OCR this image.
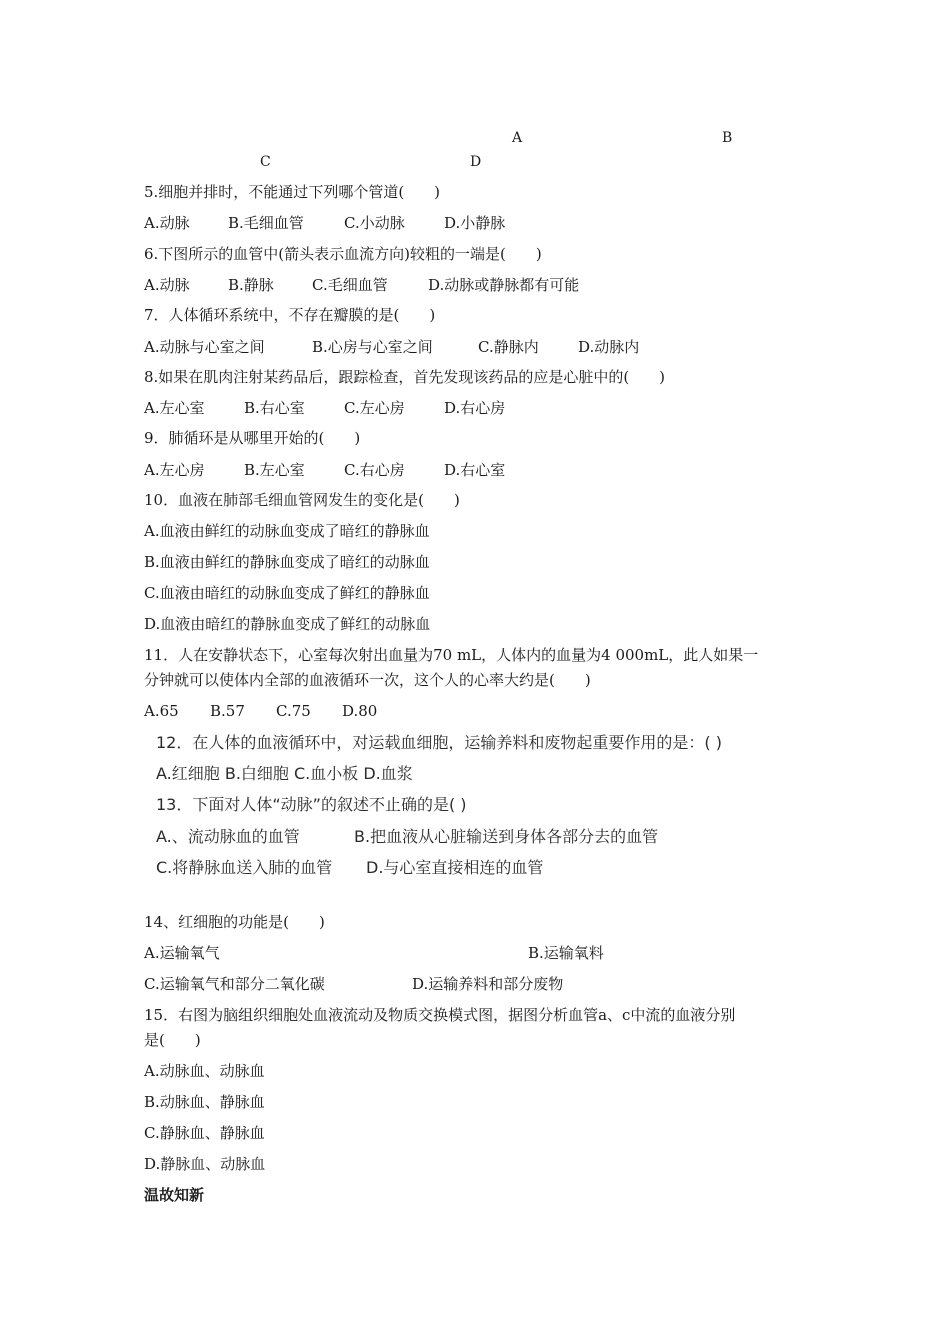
A	B
C	D
5.细胞并排时，不能通过下列哪个管道(　　)
A.动脉	B.毛细血管	C.小动脉	D.小静脉
6.下图所示的血管中(箭头表示血流方向)较粗的一端是(　　)
A.动脉	B.静脉	C.毛细血管	D.动脉或静脉都有可能
7．人体循环系统中，不存在瓣膜的是(　　)
A.动脉与心室之间	B.心房与心室之间	C.静脉内	D.动脉内
8.如果在肌肉注射某药品后，跟踪检查，首先发现该药品的应是心脏中的(　　)
A.左心室	B.右心室	C.左心房	D.右心房
9．肺循环是从哪里开始的(　　)
A.左心房	B.左心室	C.右心房	D.右心室
10．血液在肺部毛细血管网发生的变化是(　　)
A.血液由鲜红的动脉血变成了暗红的静脉血
B.血液由鲜红的静脉血变成了暗红的动脉血
C.血液由暗红的动脉血变成了鲜红的静脉血
D.血液由暗红的静脉血变成了鲜红的动脉血
11．人在安静状态下，心室每次射出血量为70 mL，人体内的血量为4 000mL，此人如果一
分钟就可以使体内全部的血液循环一次，这个人的心率大约是(　　)
A.65 B.57 C.75 D.80
12．在人体的血液循环中，对运载血细胞，运输养料和废物起重要作用的是：( )
A.红细胞 B.白细胞 C.血小板 D.血浆
13．下面对人体“动脉”的叙述不止确的是( )
A.、流动脉血的血管	B.把血液从心脏输送到身体各部分去的血管
C.将静脉血送入肺的血管 D.与心室直接相连的血管
14、红细胞的功能是(　　)
A.运输氧气	B.运输氧料
C.运输氧气和部分二氧化碳	D.运输养料和部分废物
15．右图为脑组织细胞处血液流动及物质交换模式图，据图分析血管a、c中流的血液分别
是(　　)
A.动脉血、动脉血
B.动脉血、静脉血
C.静脉血、静脉血
D.静脉血、动脉血
温故知新
